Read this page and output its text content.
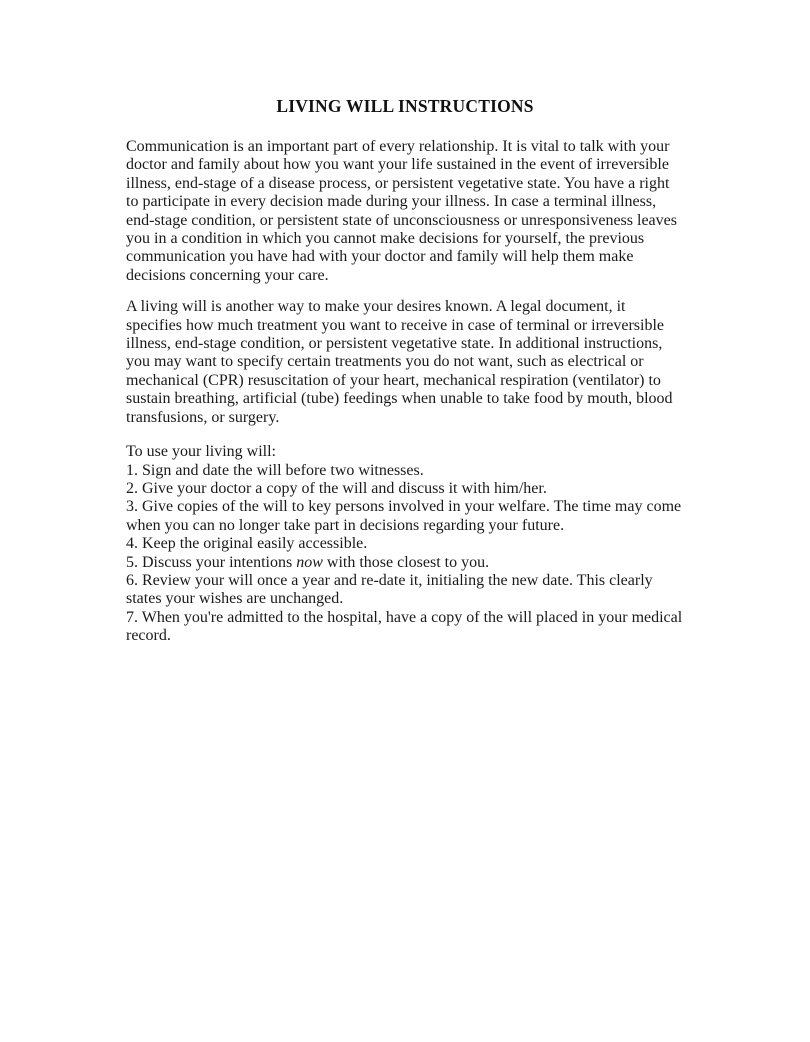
LIVING WILL INSTRUCTIONS

Communication is an important part of every relationship. It is vital to talk with your doctor and family about how you want your life sustained in the event of irreversible illness, end-stage of a disease process, or persistent vegetative state. You have a right to participate in every decision made during your illness. In case a terminal illness, end-stage condition, or persistent state of unconsciousness or unresponsiveness leaves you in a condition in which you cannot make decisions for yourself, the previous communication you have had with your doctor and family will help them make decisions concerning your care.

A living will is another way to make your desires known. A legal document, it specifies how much treatment you want to receive in case of terminal or irreversible illness, end-stage condition, or persistent vegetative state. In additional instructions, you may want to specify certain treatments you do not want, such as electrical or mechanical (CPR) resuscitation of your heart, mechanical respiration (ventilator) to sustain breathing, artificial (tube) feedings when unable to take food by mouth, blood transfusions, or surgery.

To use your living will:
1. Sign and date the will before two witnesses.
2. Give your doctor a copy of the will and discuss it with him/her.
3. Give copies of the will to key persons involved in your welfare. The time may come when you can no longer take part in decisions regarding your future.
4. Keep the original easily accessible.
5. Discuss your intentions now with those closest to you.
6. Review your will once a year and re-date it, initialing the new date. This clearly states your wishes are unchanged.
7. When you're admitted to the hospital, have a copy of the will placed in your medical record.
